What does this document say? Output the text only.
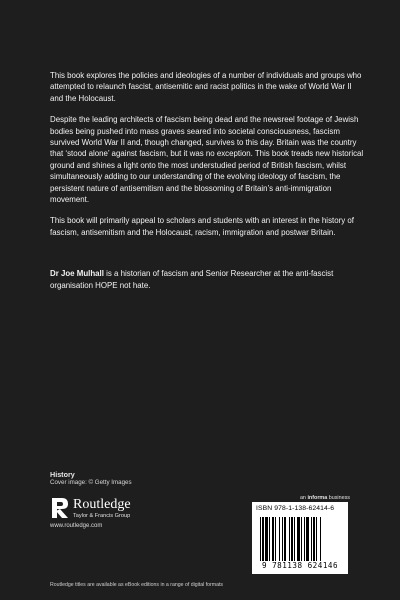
This book explores the policies and ideologies of a number of individuals and groups who attempted to relaunch fascist, antisemitic and racist politics in the wake of World War II and the Holocaust.

Despite the leading architects of fascism being dead and the newsreel footage of Jewish bodies being pushed into mass graves seared into societal consciousness, fascism survived World War II and, though changed, survives to this day. Britain was the country that ‘stood alone’ against fascism, but it was no exception. This book treads new historical ground and shines a light onto the most understudied period of British fascism, whilst simultaneously adding to our understanding of the evolving ideology of fascism, the persistent nature of antisemitism and the blossoming of Britain’s anti-immigration movement.

This book will primarily appeal to scholars and students with an interest in the history of fascism, antisemitism and the Holocaust, racism, immigration and postwar Britain.

Dr Joe Mulhall is a historian of fascism and Senior Researcher at the anti-fascist organisation HOPE not hate.
History
Cover image: © Getty Images
Routledge
Taylor & Francis Group
www.routledge.com
an informa business
ISBN 978-1-138-62414-6
9 781138 624146
Routledge titles are available as eBook editions in a range of digital formats
